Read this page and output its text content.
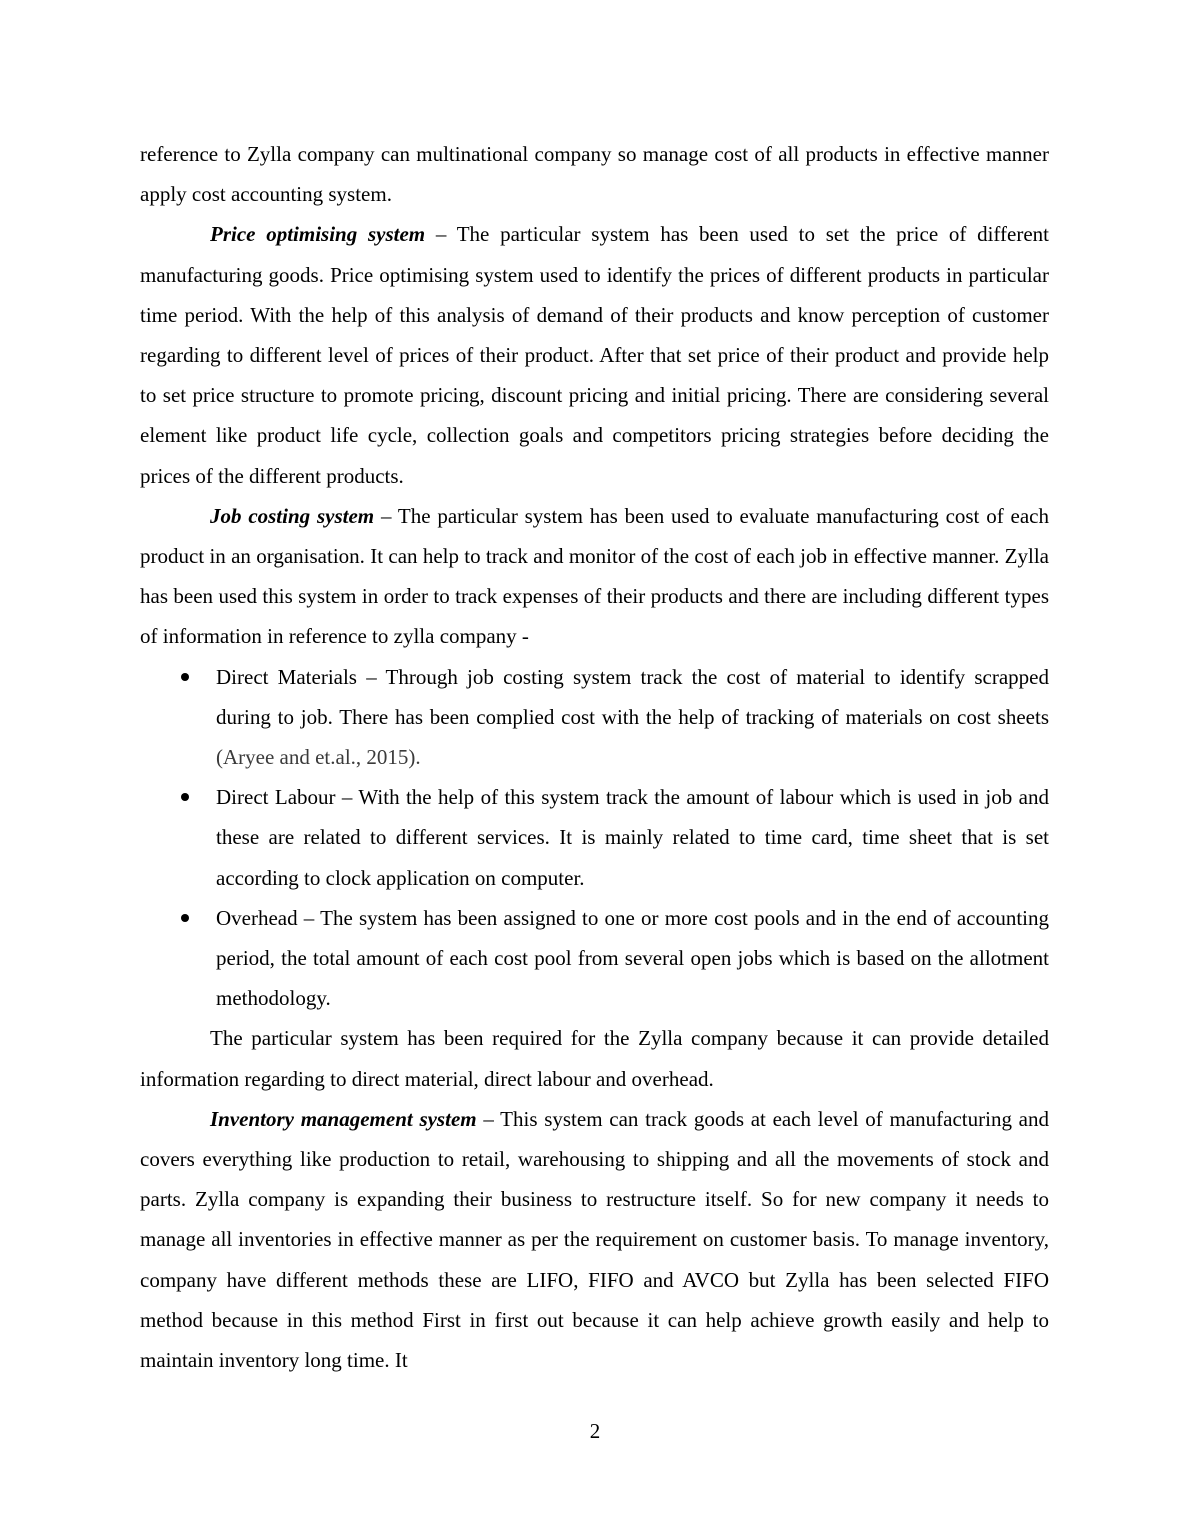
reference to Zylla company can multinational company so manage cost of all products in effective manner apply cost accounting system.

Price optimising system – The particular system has been used to set the price of different manufacturing goods. Price optimising system used to identify the prices of different products in particular time period. With the help of this analysis of demand of their products and know perception of customer regarding to different level of prices of their product. After that set price of their product and provide help to set price structure to promote pricing, discount pricing and initial pricing. There are considering several element like product life cycle, collection goals and competitors pricing strategies before deciding the prices of the different products.

Job costing system – The particular system has been used to evaluate manufacturing cost of each product in an organisation. It can help to track and monitor of the cost of each job in effective manner. Zylla has been used this system in order to track expenses of their products and there are including different types of information in reference to zylla company -

Direct Materials – Through job costing system track the cost of material to identify scrapped during to job. There has been complied cost with the help of tracking of materials on cost sheets (Aryee and et.al., 2015).
Direct Labour – With the help of this system track the amount of labour which is used in job and these are related to different services. It is mainly related to time card, time sheet that is set according to clock application on computer.
Overhead – The system has been assigned to one or more cost pools and in the end of accounting period, the total amount of each cost pool from several open jobs which is based on the allotment methodology.

The particular system has been required for the Zylla company because it can provide detailed information regarding to direct material, direct labour and overhead.

Inventory management system – This system can track goods at each level of manufacturing and covers everything like production to retail, warehousing to shipping and all the movements of stock and parts. Zylla company is expanding their business to restructure itself. So for new company it needs to manage all inventories in effective manner as per the requirement on customer basis. To manage inventory, company have different methods these are LIFO, FIFO and AVCO but Zylla has been selected FIFO method because in this method First in first out because it can help achieve growth easily and help to maintain inventory long time. It

2
